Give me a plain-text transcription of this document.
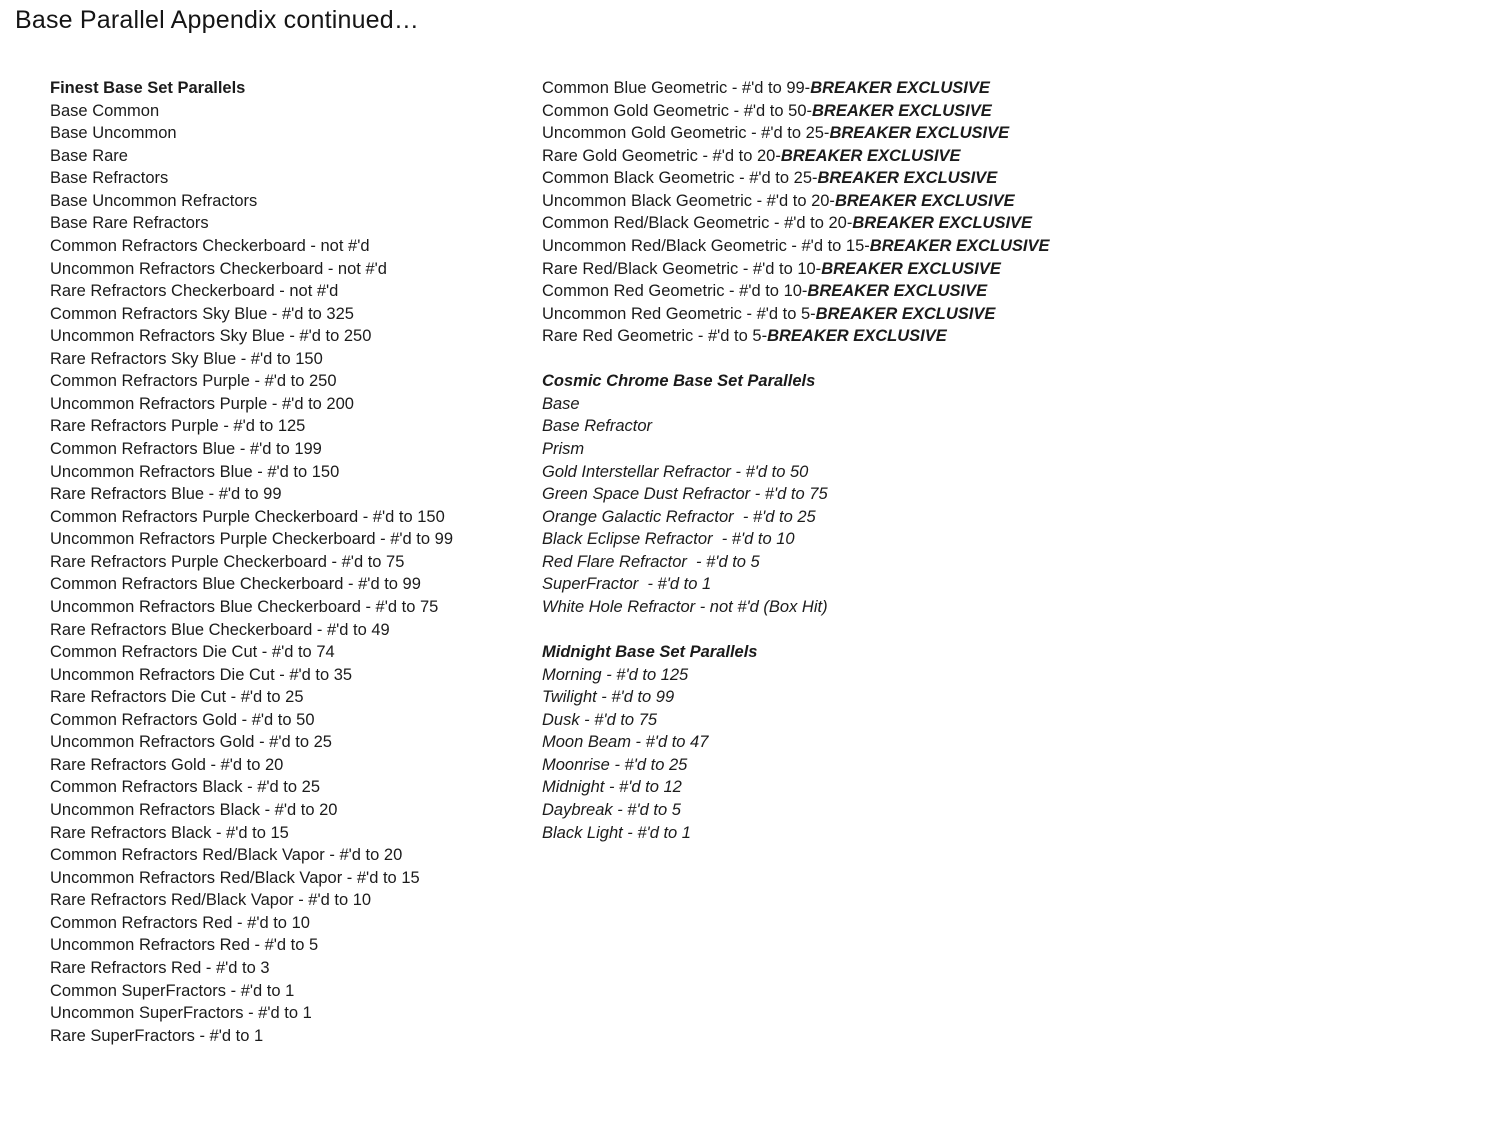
Base Parallel Appendix continued…
Finest Base Set Parallels
Base Common
Base Uncommon
Base Rare
Base Refractors
Base Uncommon Refractors
Base Rare Refractors
Common Refractors Checkerboard - not #'d
Uncommon Refractors Checkerboard - not #'d
Rare Refractors Checkerboard - not #'d
Common Refractors Sky Blue - #'d to 325
Uncommon Refractors Sky Blue - #'d to 250
Rare Refractors Sky Blue - #'d to 150
Common Refractors Purple - #'d to 250
Uncommon Refractors Purple - #'d to 200
Rare Refractors Purple - #'d to 125
Common Refractors Blue - #'d to 199
Uncommon Refractors Blue - #'d to 150
Rare Refractors Blue - #'d to 99
Common Refractors Purple Checkerboard - #'d to 150
Uncommon Refractors Purple Checkerboard - #'d to 99
Rare Refractors Purple Checkerboard - #'d to 75
Common Refractors Blue Checkerboard - #'d to 99
Uncommon Refractors Blue Checkerboard - #'d to 75
Rare Refractors Blue Checkerboard - #'d to 49
Common Refractors Die Cut - #'d to 74
Uncommon Refractors Die Cut - #'d to 35
Rare Refractors Die Cut - #'d to 25
Common Refractors Gold - #'d to 50
Uncommon Refractors Gold - #'d to 25
Rare Refractors Gold - #'d to 20
Common Refractors Black - #'d to 25
Uncommon Refractors Black - #'d to 20
Rare Refractors Black - #'d to 15
Common Refractors Red/Black Vapor - #'d to 20
Uncommon Refractors Red/Black Vapor - #'d to 15
Rare Refractors Red/Black Vapor - #'d to 10
Common Refractors Red - #'d to 10
Uncommon Refractors Red - #'d to 5
Rare Refractors Red - #'d to 3
Common SuperFractors - #'d to 1
Uncommon SuperFractors - #'d to 1
Rare SuperFractors - #'d to 1
Common Blue Geometric - #'d to 99-BREAKER EXCLUSIVE
Common Gold Geometric - #'d to 50-BREAKER EXCLUSIVE
Uncommon Gold Geometric - #'d to 25-BREAKER EXCLUSIVE
Rare Gold Geometric - #'d to 20-BREAKER EXCLUSIVE
Common Black Geometric - #'d to 25-BREAKER EXCLUSIVE
Uncommon Black Geometric - #'d to 20-BREAKER EXCLUSIVE
Common Red/Black Geometric - #'d to 20-BREAKER EXCLUSIVE
Uncommon Red/Black Geometric - #'d to 15-BREAKER EXCLUSIVE
Rare Red/Black Geometric - #'d to 10-BREAKER EXCLUSIVE
Common Red Geometric - #'d to 10-BREAKER EXCLUSIVE
Uncommon Red Geometric - #'d to 5-BREAKER EXCLUSIVE
Rare Red Geometric - #'d to 5-BREAKER EXCLUSIVE
Cosmic Chrome Base Set Parallels
Base
Base Refractor
Prism
Gold Interstellar Refractor - #'d to 50
Green Space Dust Refractor - #'d to 75
Orange Galactic Refractor  - #'d to 25
Black Eclipse Refractor  - #'d to 10
Red Flare Refractor  - #'d to 5
SuperFractor  - #'d to 1
White Hole Refractor - not #'d (Box Hit)
Midnight Base Set Parallels
Morning - #'d to 125
Twilight - #'d to 99
Dusk - #'d to 75
Moon Beam - #'d to 47
Moonrise - #'d to 25
Midnight - #'d to 12
Daybreak - #'d to 5
Black Light - #'d to 1
